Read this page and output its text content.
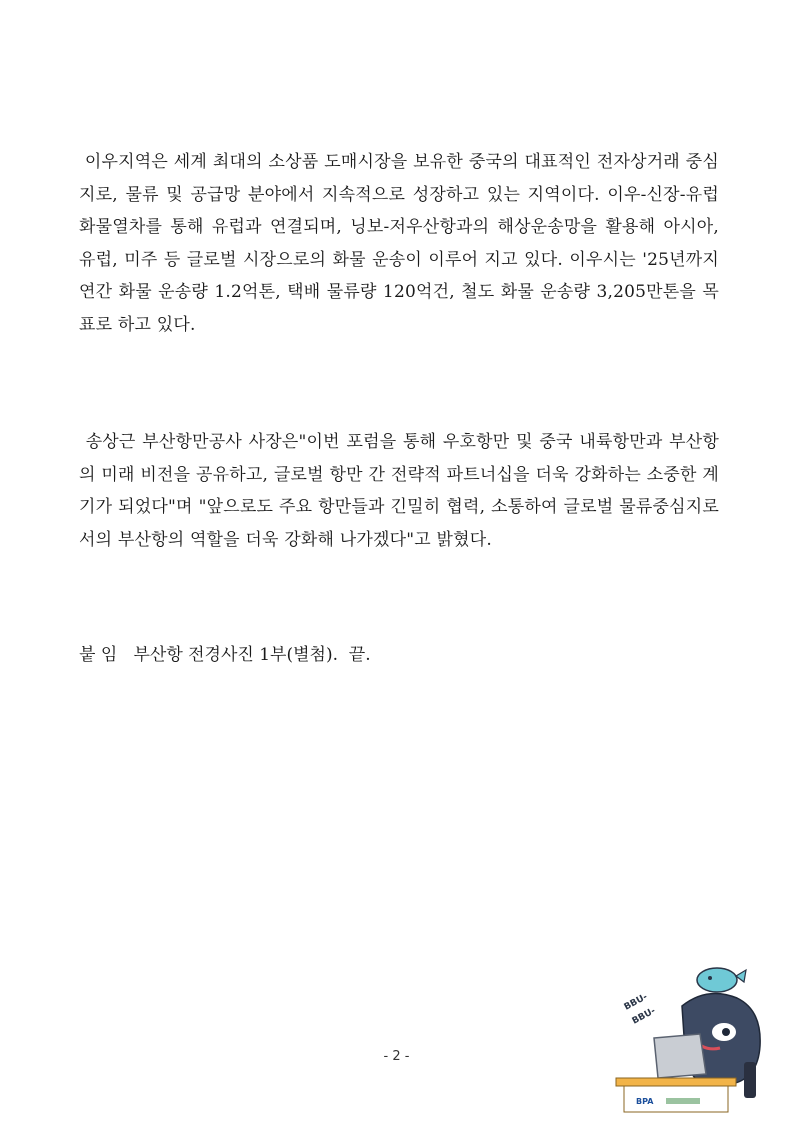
이우지역은 세계 최대의 소상품 도매시장을 보유한 중국의 대표적인 전자상거래 중심지로, 물류 및 공급망 분야에서 지속적으로 성장하고 있는 지역이다. 이우-신장-유럽 화물열차를 통해 유럽과 연결되며, 닝보-저우산항과의 해상운송망을 활용해 아시아, 유럽, 미주 등 글로벌 시장으로의 화물 운송이 이루어 지고 있다. 이우시는 '25년까지 연간 화물 운송량 1.2억톤, 택배 물류량 120억건, 철도 화물 운송량 3,205만톤을 목표로 하고 있다.
송상근 부산항만공사 사장은"이번 포럼을 통해 우호항만 및 중국 내륙항만과 부산항의 미래 비전을 공유하고, 글로벌 항만 간 전략적 파트너십을 더욱 강화하는 소중한 계기가 되었다"며 "앞으로도 주요 항만들과 긴밀히 협력, 소통하여 글로벌 물류중심지로서의 부산항의 역할을 더욱 강화해 나가겠다"고 밝혔다.
붙 임 부산항 전경사진 1부(별첨).  끝.
- 2 -
BBU-
BBU-
BPA
